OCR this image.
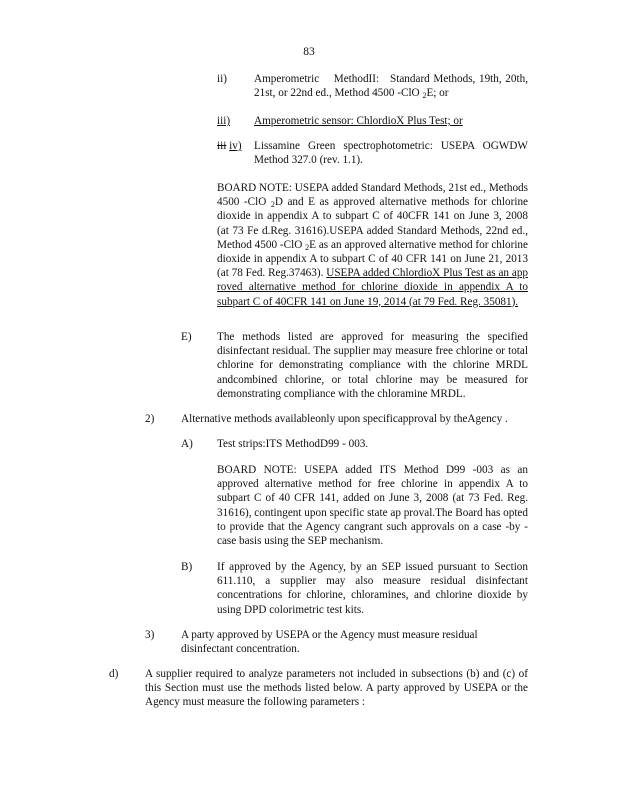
83
ii) Amperometric    MethodII:   Standard Methods, 19th, 20th, 21st, or 22nd ed., Method 4500 -ClO $_2$E; or
iii) Amperometric sensor: ChlordioX Plus Test; or
iii iv) Lissamine Green spectrophotometric: USEPA OGWDW Method 327.0 (rev. 1.1).
BOARD NOTE: USEPA added Standard Methods, 21st ed., Methods 4500 -ClO $_2$D and E as approved alternative methods for chlorine dioxide in appendix A to subpart C of 40CFR 141 on June 3, 2008 (at 73 Fe d.Reg. 31616).USEPA added Standard Methods, 22nd ed., Method 4500 -ClO $_2$E as an approved alternative method for chlorine dioxide in appendix A to subpart C of 40 CFR 141 on June 21, 2013 (at 78 Fed. Reg.37463). USEPA added ChlordioX Plus Test as an app roved alternative method for chlorine dioxide in appendix A to subpart C of 40CFR 141 on June 19, 2014 (at 79 Fed. Reg. 35081).
E) The methods listed are approved for measuring the specified disinfectant residual. The supplier may measure free chlorine or total chlorine for demonstrating compliance with the chlorine MRDL andcombined chlorine, or total chlorine may be measured for demonstrating compliance with the chloramine MRDL.
2) Alternative methods availableonly upon specificapproval by theAgency .
A) Test strips:ITS MethodD99 - 003.
BOARD NOTE: USEPA added ITS Method D99 -003 as an approved alternative method for free chlorine in appendix A to subpart C of 40 CFR 141, added on June 3, 2008 (at 73 Fed. Reg. 31616), contingent upon specific state ap proval.The Board has opted to provide that the Agency cangrant such approvals on a case -by -case basis using the SEP mechanism.
B) If approved by the Agency, by an SEP issued pursuant to Section 611.110, a supplier may also measure residual disinfectant concentrations for chlorine, chloramines, and chlorine dioxide by using DPD colorimetric test kits.
3) A party approved by USEPA or the Agency must measure residual disinfectant concentration.
d) A supplier required to analyze parameters not included in subsections (b) and (c) of this Section must use the methods listed below. A party approved by USEPA or the Agency must measure the following parameters :
